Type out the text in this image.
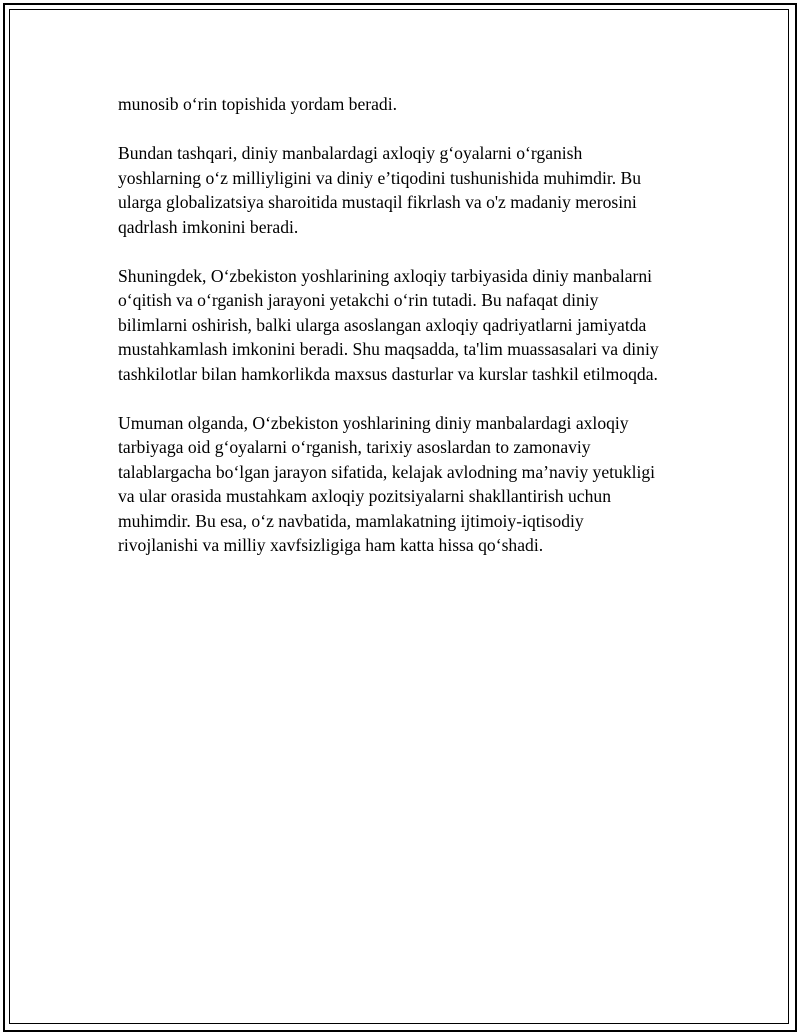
munosib o‘rin topishida yordam beradi.

Bundan tashqari, diniy manbalardagi axloqiy g‘oyalarni o‘rganish
yoshlarning o‘z milliyligini va diniy e’tiqodini tushunishida muhimdir. Bu
ularga globalizatsiya sharoitida mustaqil fikrlash va o'z madaniy merosini
qadrlash imkonini beradi.

Shuningdek, O‘zbekiston yoshlarining axloqiy tarbiyasida diniy manbalarni
o‘qitish va o‘rganish jarayoni yetakchi o‘rin tutadi. Bu nafaqat diniy
bilimlarni oshirish, balki ularga asoslangan axloqiy qadriyatlarni jamiyatda
mustahkamlash imkonini beradi. Shu maqsadda, ta'lim muassasalari va diniy
tashkilotlar bilan hamkorlikda maxsus dasturlar va kurslar tashkil etilmoqda.

Umuman olganda, O‘zbekiston yoshlarining diniy manbalardagi axloqiy
tarbiyaga oid g‘oyalarni o‘rganish, tarixiy asoslardan to zamonaviy
talablargacha bo‘lgan jarayon sifatida, kelajak avlodning ma’naviy yetukligi
va ular orasida mustahkam axloqiy pozitsiyalarni shakllantirish uchun
muhimdir. Bu esa, o‘z navbatida, mamlakatning ijtimoiy-iqtisodiy
rivojlanishi va milliy xavfsizligiga ham katta hissa qo‘shadi.
